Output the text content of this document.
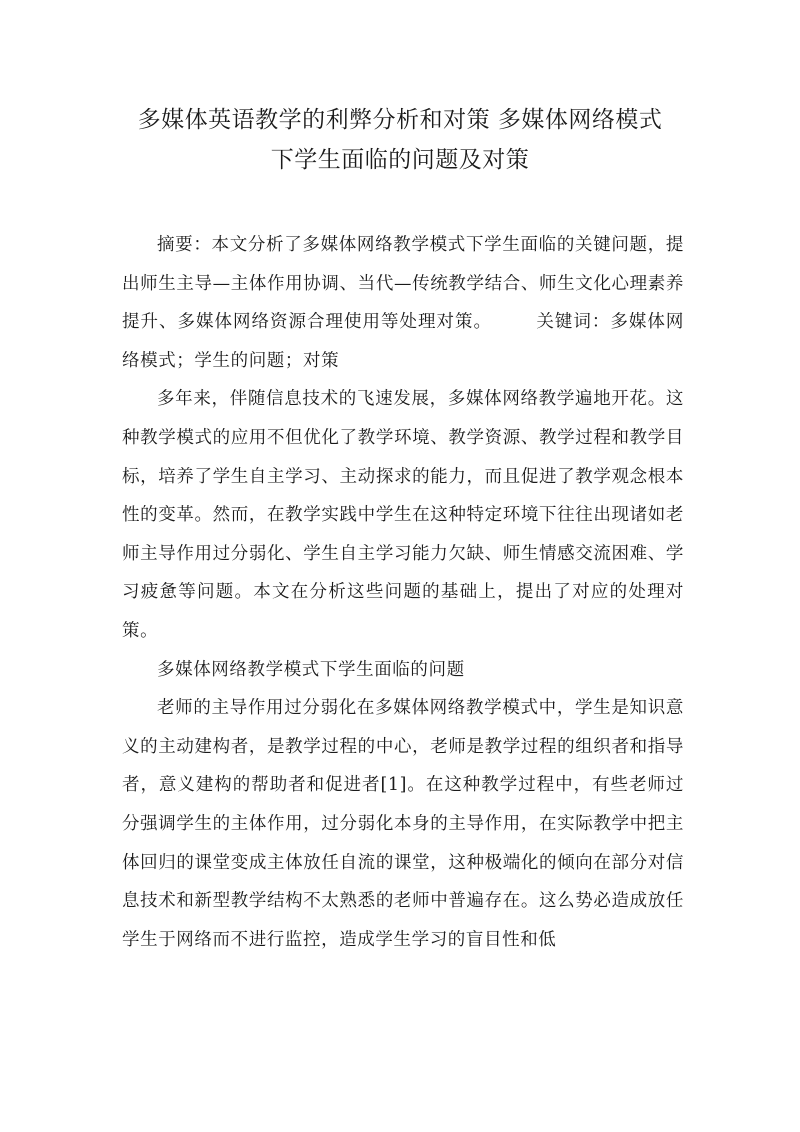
多媒体英语教学的利弊分析和对策 多媒体网络模式
下学生面临的问题及对策

摘要：本文分析了多媒体网络教学模式下学生面临的关键问题，提出师生主导—主体作用协调、当代—传统教学结合、师生文化心理素养提升、多媒体网络资源合理使用等处理对策。	关键词：多媒体网络模式；学生的问题；对策

多年来，伴随信息技术的飞速发展，多媒体网络教学遍地开花。这种教学模式的应用不但优化了教学环境、教学资源、教学过程和教学目标，培养了学生自主学习、主动探求的能力，而且促进了教学观念根本性的变革。然而，在教学实践中学生在这种特定环境下往往出现诸如老师主导作用过分弱化、学生自主学习能力欠缺、师生情感交流困难、学习疲惫等问题。本文在分析这些问题的基础上，提出了对应的处理对策。

多媒体网络教学模式下学生面临的问题

老师的主导作用过分弱化在多媒体网络教学模式中，学生是知识意义的主动建构者，是教学过程的中心，老师是教学过程的组织者和指导者，意义建构的帮助者和促进者[1]。在这种教学过程中，有些老师过分强调学生的主体作用，过分弱化本身的主导作用，在实际教学中把主体回归的课堂变成主体放任自流的课堂，这种极端化的倾向在部分对信息技术和新型教学结构不太熟悉的老师中普遍存在。这么势必造成放任学生于网络而不进行监控，造成学生学习的盲目性和低
